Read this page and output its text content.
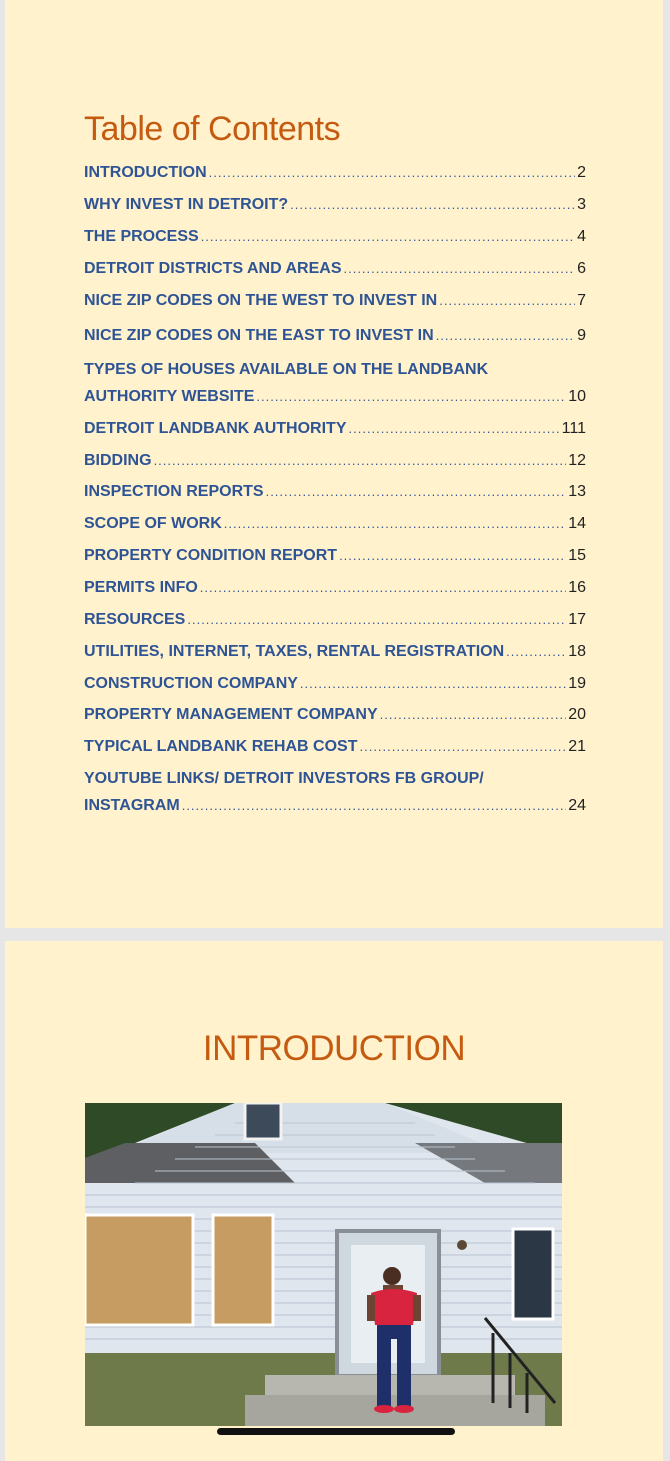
Table of Contents
INTRODUCTION .....	2
WHY INVEST IN DETROIT? .....	3
THE PROCESS .....	4
DETROIT DISTRICTS AND AREAS .....	6
NICE ZIP CODES ON THE WEST TO INVEST IN .....	7
NICE ZIP CODES ON THE EAST TO INVEST IN .....	9
TYPES OF HOUSES AVAILABLE ON THE LANDBANK
AUTHORITY WEBSITE .....	10
DETROIT LANDBANK AUTHORITY .....	111
BIDDING .....	12
INSPECTION REPORTS .....	13
SCOPE OF WORK .....	14
PROPERTY CONDITION REPORT .....	15
PERMITS INFO .....	16
RESOURCES .....	17
UTILITIES, INTERNET, TAXES, RENTAL REGISTRATION .....	18
CONSTRUCTION COMPANY .....	19
PROPERTY MANAGEMENT COMPANY .....	20
TYPICAL LANDBANK REHAB COST .....	21
YOUTUBE LINKS/ DETROIT INVESTORS FB GROUP/
INSTAGRAM .....	24
INTRODUCTION
